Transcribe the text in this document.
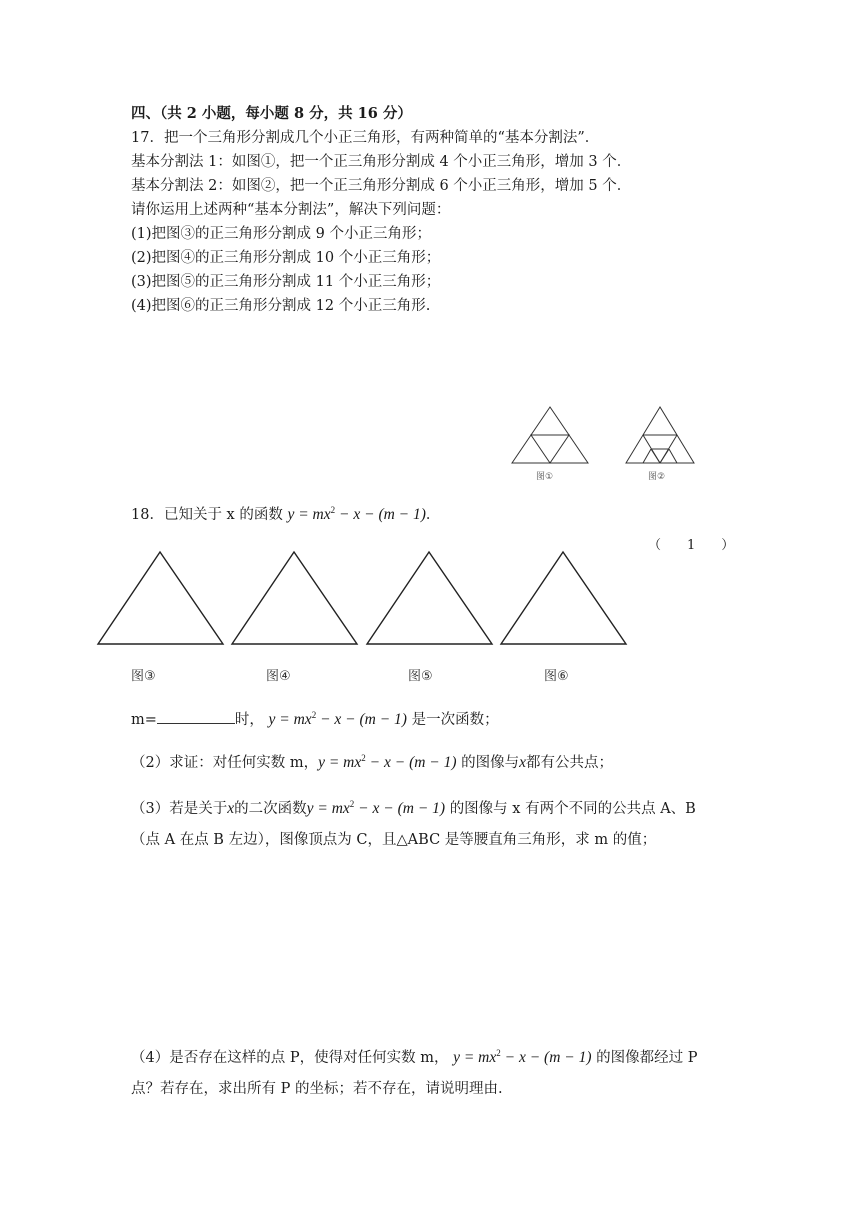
四、（共 2 小题，每小题 8 分，共 16 分）
17．把一个三角形分割成几个小正三角形，有两种简单的“基本分割法”．
基本分割法 1：如图①，把一个正三角形分割成 4 个小正三角形，增加 3 个．
基本分割法 2：如图②，把一个正三角形分割成 6 个小正三角形，增加 5 个．
请你运用上述两种“基本分割法”，解决下列问题：
(1)把图③的正三角形分割成 9 个小正三角形；
(2)把图④的正三角形分割成 10 个小正三角形；
(3)把图⑤的正三角形分割成 11 个小正三角形；
(4)把图⑥的正三角形分割成 12 个小正三角形.
图①	图②
18．已知关于 x 的函数 $y = mx^2 - x - (m - 1)$．
（　　1　　）
图③	图④	图⑤	图⑥
m=	时， $y = mx^2 - x - (m - 1)$ 是一次函数；
（2）求证：对任何实数 m，$y = mx^2 - x - (m - 1)$ 的图像与x都有公共点；
（3）若是关于x的二次函数$y = mx^2 - x - (m - 1)$ 的图像与 x 有两个不同的公共点 A、B
（点 A 在点 B 左边），图像顶点为 C，且△ABC 是等腰直角三角形，求 m 的值；
（4）是否存在这样的点 P，使得对任何实数 m， $y = mx^2 - x - (m - 1)$ 的图像都经过 P
点？若存在，求出所有 P 的坐标；若不存在，请说明理由.
